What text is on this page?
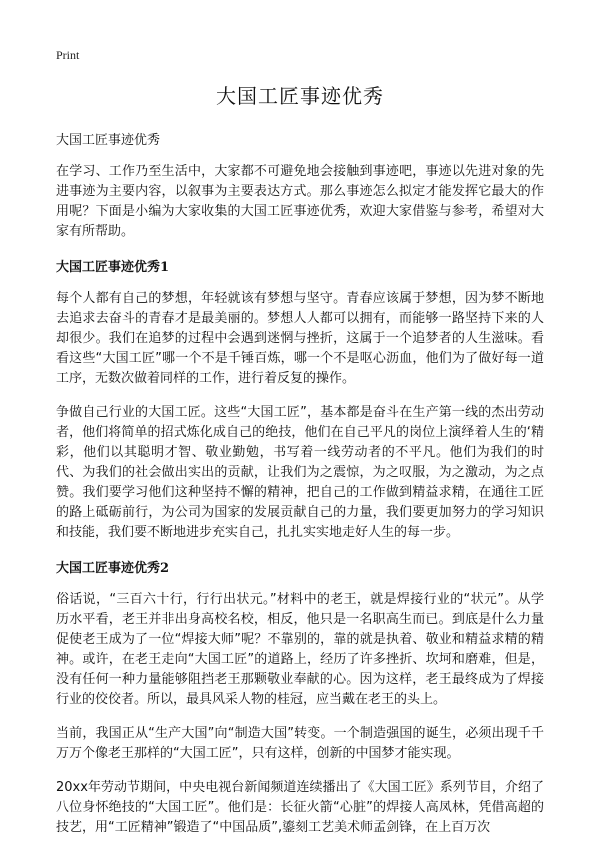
Print
大国工匠事迹优秀
大国工匠事迹优秀

在学习、工作乃至生活中，大家都不可避免地会接触到事迹吧，事迹以先进对象的先进事迹为主要内容，以叙事为主要表达方式。那么事迹怎么拟定才能发挥它最大的作用呢？下面是小编为大家收集的大国工匠事迹优秀，欢迎大家借鉴与参考，希望对大家有所帮助。

大国工匠事迹优秀1

每个人都有自己的梦想，年轻就该有梦想与坚守。青春应该属于梦想，因为梦不断地去追求去奋斗的青春才是最美丽的。梦想人人都可以拥有，而能够一路坚持下来的人却很少。我们在追梦的过程中会遇到迷惘与挫折，这属于一个追梦者的人生滋味。看看这些“大国工匠”哪一个不是千锤百炼，哪一个不是呕心沥血，他们为了做好每一道工序，无数次做着同样的工作，进行着反复的操作。

争做自己行业的大国工匠。这些“大国工匠”，基本都是奋斗在生产第一线的杰出劳动者，他们将简单的招式炼化成自己的绝技，他们在自己平凡的岗位上演绎着人生的‘精彩，他们以其聪明才智、敬业勤勉，书写着一线劳动者的不平凡。他们为我们的时代、为我们的社会做出实出的贡献，让我们为之震惊，为之叹服，为之激动，为之点赞。我们要学习他们这种坚持不懈的精神，把自己的工作做到精益求精，在通往工匠的路上砥砺前行，为公司为国家的发展贡献自己的力量，我们要更加努力的学习知识和技能，我们要不断地进步充实自己，扎扎实实地走好人生的每一步。

大国工匠事迹优秀2

俗话说，“三百六十行，行行出状元。”材料中的老王，就是焊接行业的“状元”。从学历水平看，老王并非出身高校名校，相反，他只是一名职高生而已。到底是什么力量促使老王成为了一位“焊接大师”呢？不靠别的，靠的就是执着、敬业和精益求精的精神。或许，在老王走向“大国工匠”的道路上，经历了许多挫折、坎坷和磨难，但是，没有任何一种力量能够阻挡老王那颗敬业奉献的心。因为这样，老王最终成为了焊接行业的佼佼者。所以，最具风采人物的桂冠，应当戴在老王的头上。

当前，我国正从“生产大国”向“制造大国”转变。一个制造强国的诞生，必须出现千千万万个像老王那样的“大国工匠”，只有这样，创新的中国梦才能实现。

20xx年劳动节期间，中央电视台新闻频道连续播出了《大国工匠》系列节目，介绍了八位身怀绝技的“大国工匠”。他们是：长征火箭“心脏”的焊接人高凤林，凭借高超的技艺，用“工匠精神”锻造了“中国品质”,鎏刻工艺美术师孟剑锋，在上百万次
